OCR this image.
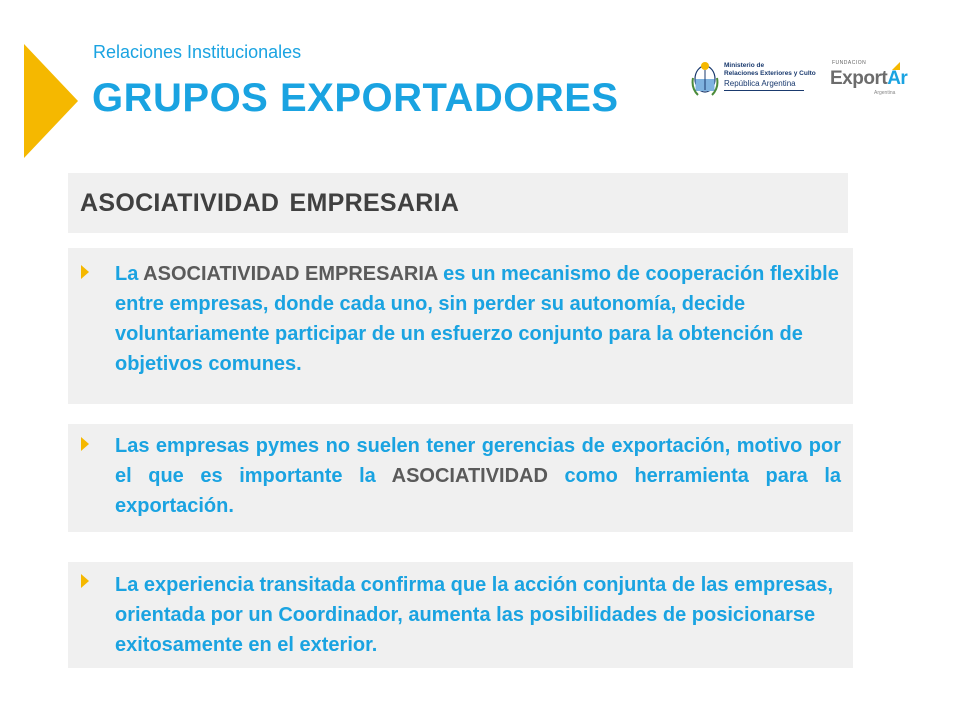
Relaciones Institucionales
GRUPOS EXPORTADORES
Ministerio de
Relaciones Exteriores y Culto
República Argentina
FUNDACION
ExportAr
Argentina
ASOCIATIVIDAD EMPRESARIA
La ASOCIATIVIDAD EMPRESARIA es un mecanismo de cooperación flexible entre empresas, donde cada uno, sin perder su autonomía, decide voluntariamente participar de un esfuerzo conjunto para la obtención de objetivos comunes.
Las empresas pymes no suelen tener gerencias de exportación, motivo por el que es importante la ASOCIATIVIDAD como herramienta para la exportación.
La experiencia transitada confirma que la acción conjunta de las empresas, orientada por un Coordinador, aumenta las posibilidades de posicionarse exitosamente en el exterior.
